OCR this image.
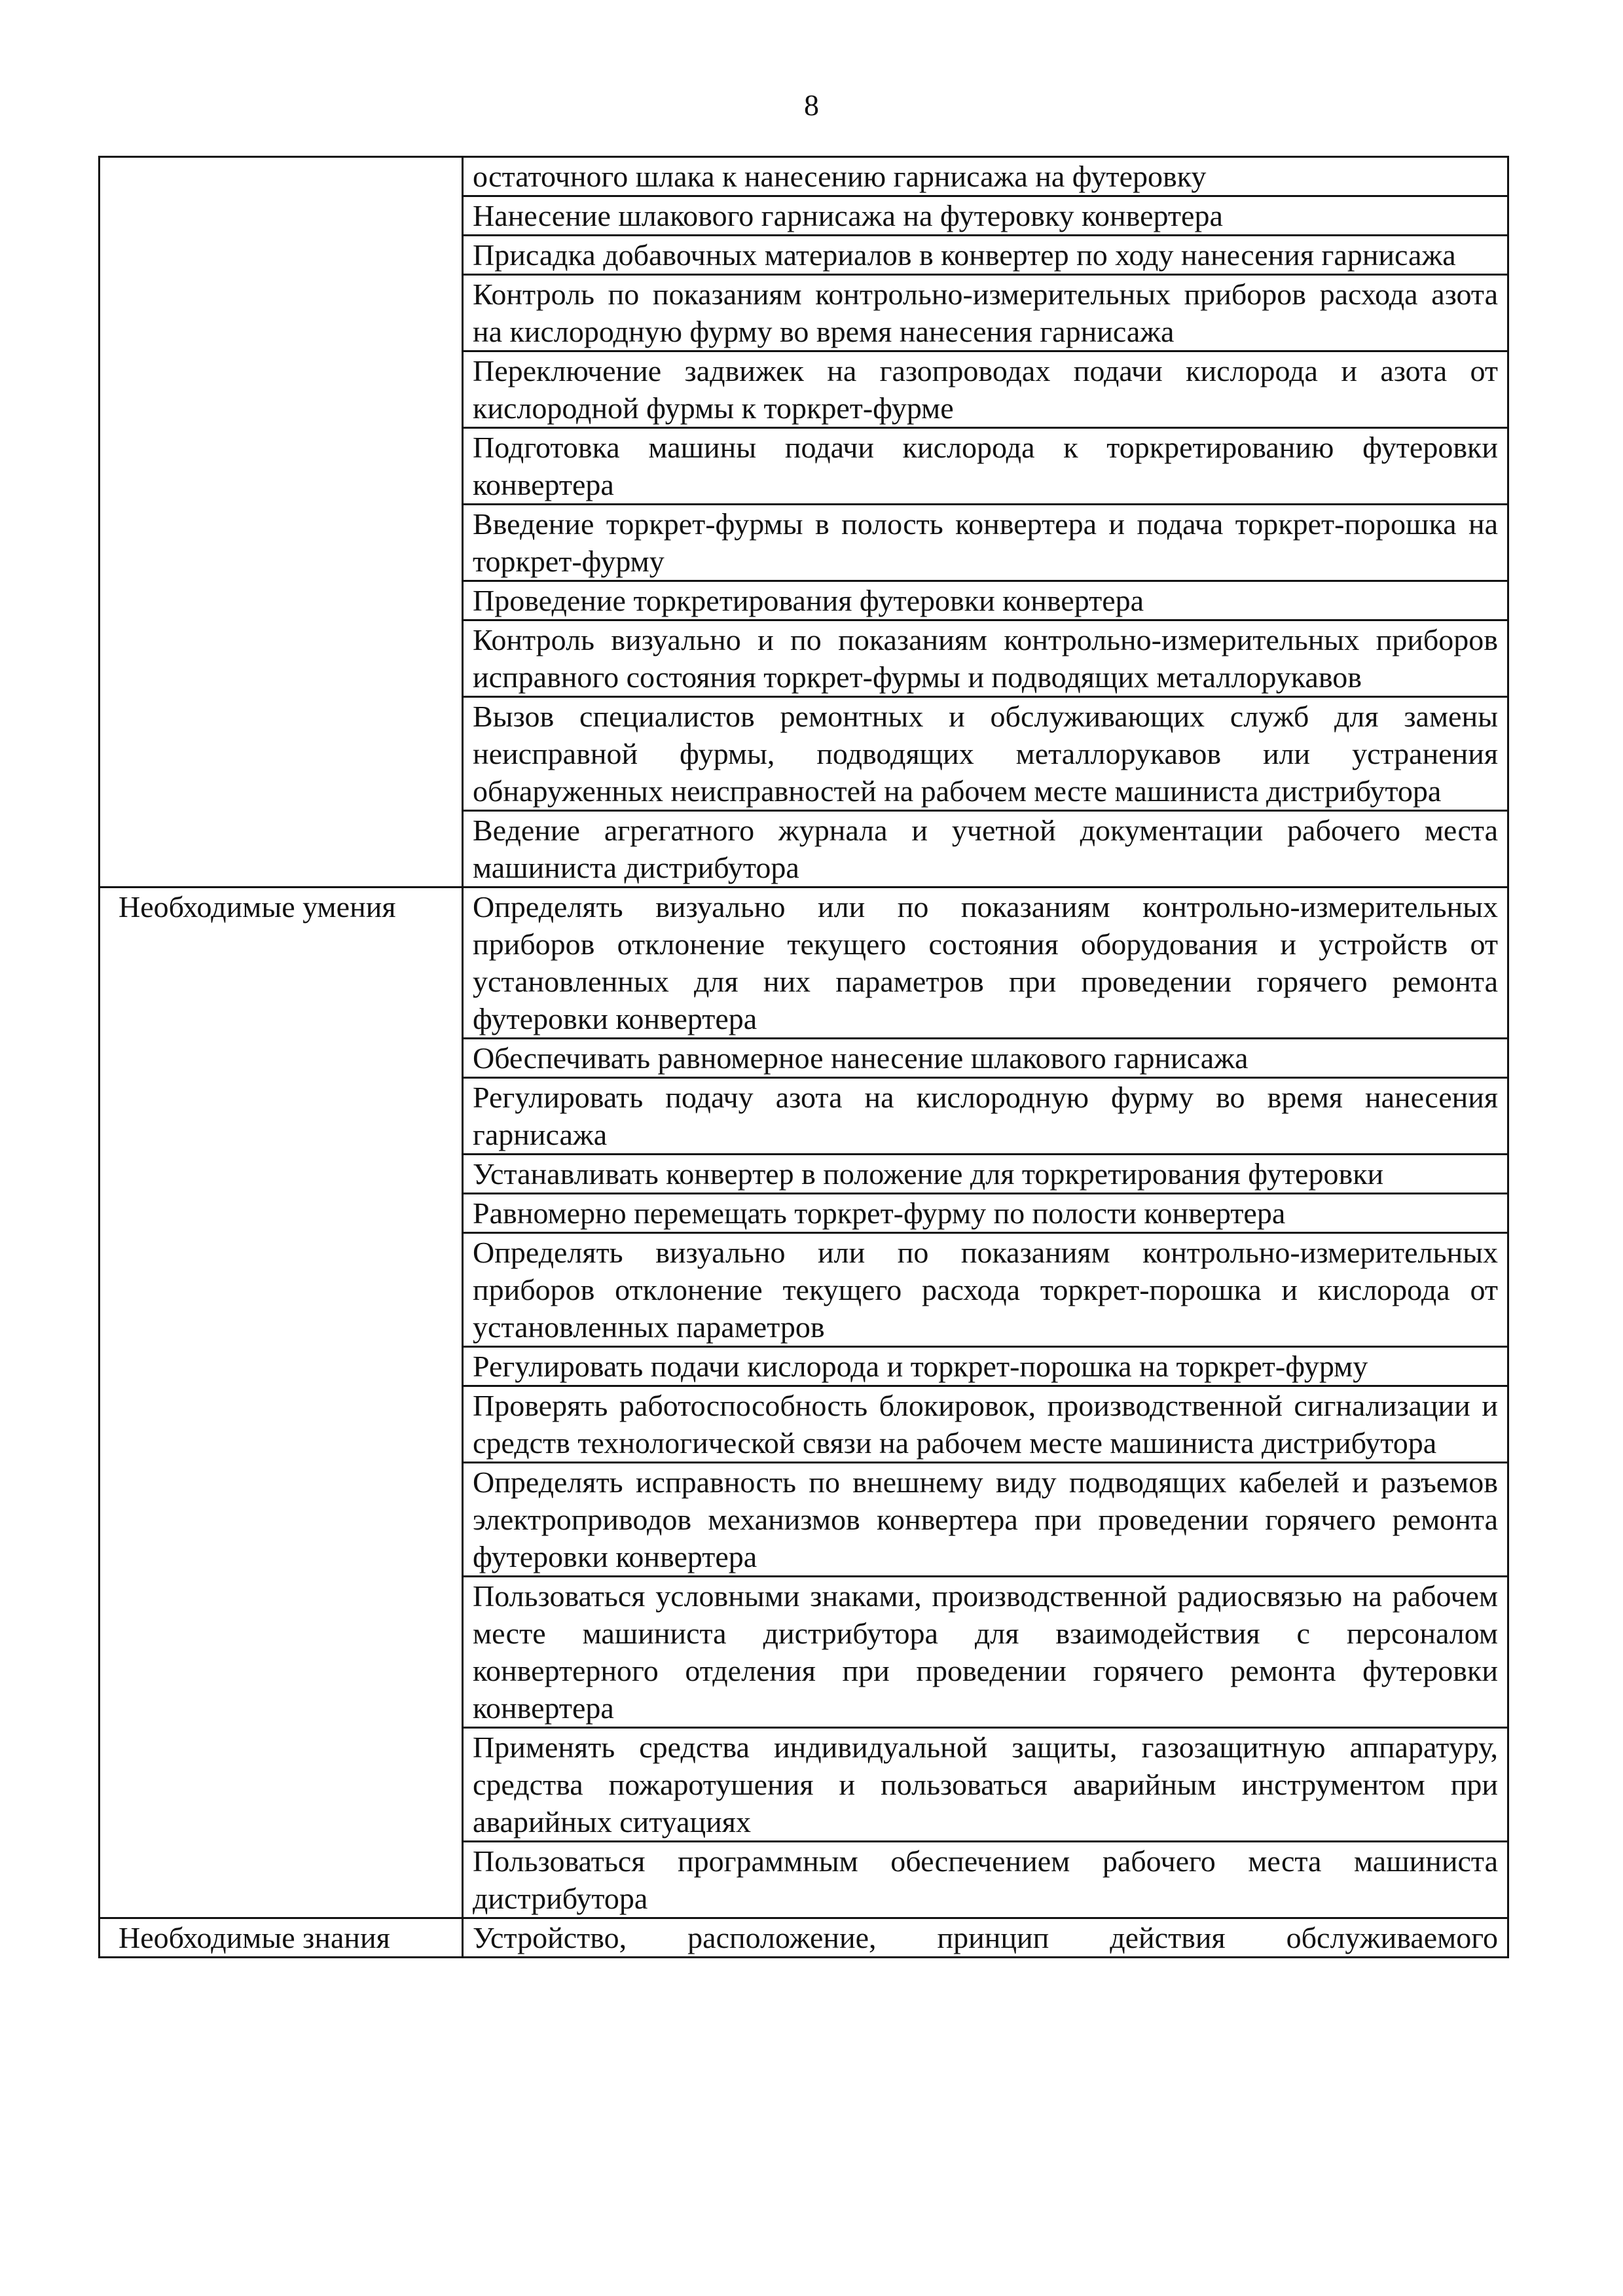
8
	остаточного шлака к нанесению гарнисажа на футеровку
	Нанесение шлакового гарнисажа на футеровку конвертера
	Присадка добавочных материалов в конвертер по ходу нанесения гарнисажа
	Контроль по показаниям контрольно-измерительных приборов расхода азота на кислородную фурму во время нанесения гарнисажа
	Переключение задвижек на газопроводах подачи кислорода и азота от кислородной фурмы к торкрет-фурме
	Подготовка машины подачи кислорода к торкретированию футеровки конвертера
	Введение торкрет-фурмы в полость конвертера и подача торкрет-порошка на торкрет-фурму
	Проведение торкретирования футеровки конвертера
	Контроль визуально и по показаниям контрольно-измерительных приборов исправного состояния торкрет-фурмы и подводящих металлорукавов
	Вызов специалистов ремонтных и обслуживающих служб для замены неисправной фурмы, подводящих металлорукавов или устранения обнаруженных неисправностей на рабочем месте машиниста дистрибутора
	Ведение агрегатного журнала и учетной документации рабочего места машиниста дистрибутора
Необходимые умения	Определять визуально или по показаниям контрольно-измерительных приборов отклонение текущего состояния оборудования и устройств от установленных для них параметров при проведении горячего ремонта футеровки конвертера
	Обеспечивать равномерное нанесение шлакового гарнисажа
	Регулировать подачу азота на кислородную фурму во время нанесения гарнисажа
	Устанавливать конвертер в положение для торкретирования футеровки
	Равномерно перемещать торкрет-фурму по полости конвертера
	Определять визуально или по показаниям контрольно-измерительных приборов отклонение текущего расхода торкрет-порошка и кислорода от установленных параметров
	Регулировать подачи кислорода и торкрет-порошка на торкрет-фурму
	Проверять работоспособность блокировок, производственной сигнализации и средств технологической связи на рабочем месте машиниста дистрибутора
	Определять исправность по внешнему виду подводящих кабелей и разъемов электроприводов механизмов конвертера при проведении горячего ремонта футеровки конвертера
	Пользоваться условными знаками, производственной радиосвязью на рабочем месте машиниста дистрибутора для взаимодействия с персоналом конвертерного отделения при проведении горячего ремонта футеровки конвертера
	Применять средства индивидуальной защиты, газозащитную аппаратуру, средства пожаротушения и пользоваться аварийным инструментом при аварийных ситуациях
	Пользоваться программным обеспечением рабочего места машиниста дистрибутора
Необходимые знания	Устройство, расположение, принцип действия обслуживаемого
